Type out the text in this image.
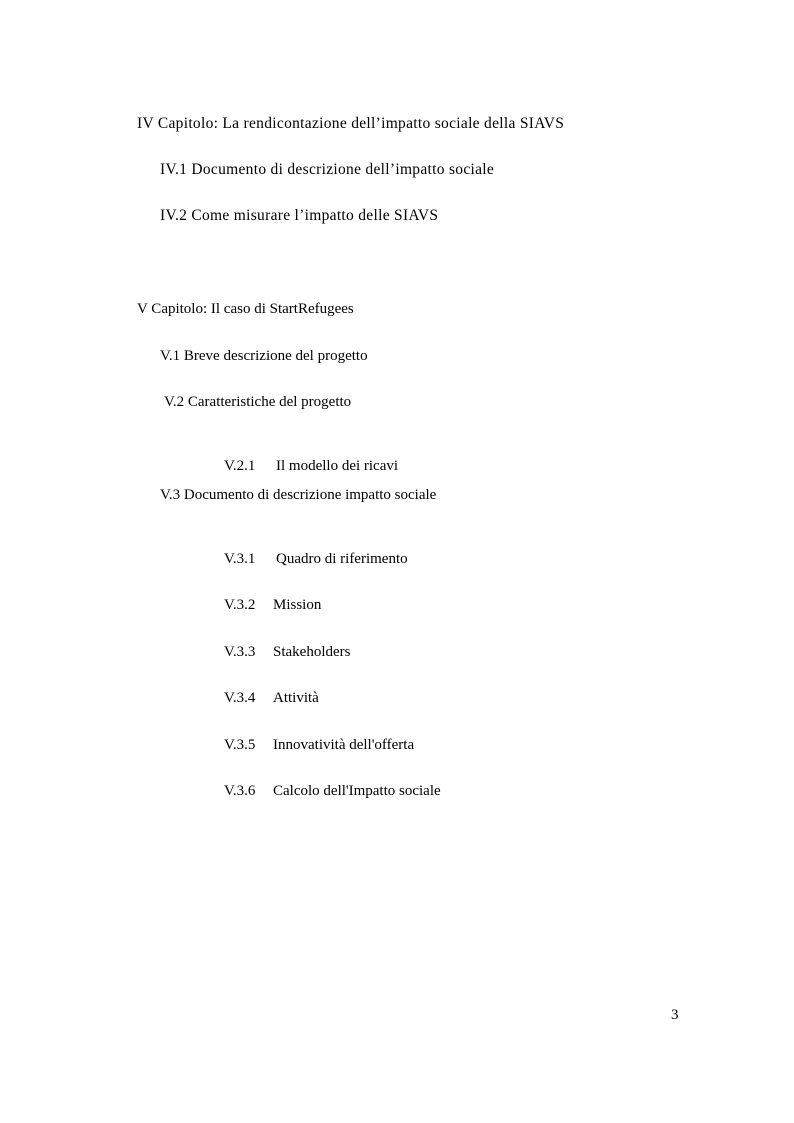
IV Capitolo: La rendicontazione dell’impatto sociale della SIAVS
IV.1 Documento di descrizione dell’impatto sociale
IV.2 Come misurare l’impatto delle SIAVS
V Capitolo: Il caso di StartRefugees
V.1 Breve descrizione del progetto
V.2 Caratteristiche del progetto

V.2.1 Il modello dei ricavi

V.3 Documento di descrizione impatto sociale

V.3.1 Quadro di riferimento

V.3.2 Mission

V.3.3 Stakeholders

V.3.4 Attività

V.3.5 Innovatività dell'offerta

V.3.6 Calcolo dell'Impatto sociale

3
